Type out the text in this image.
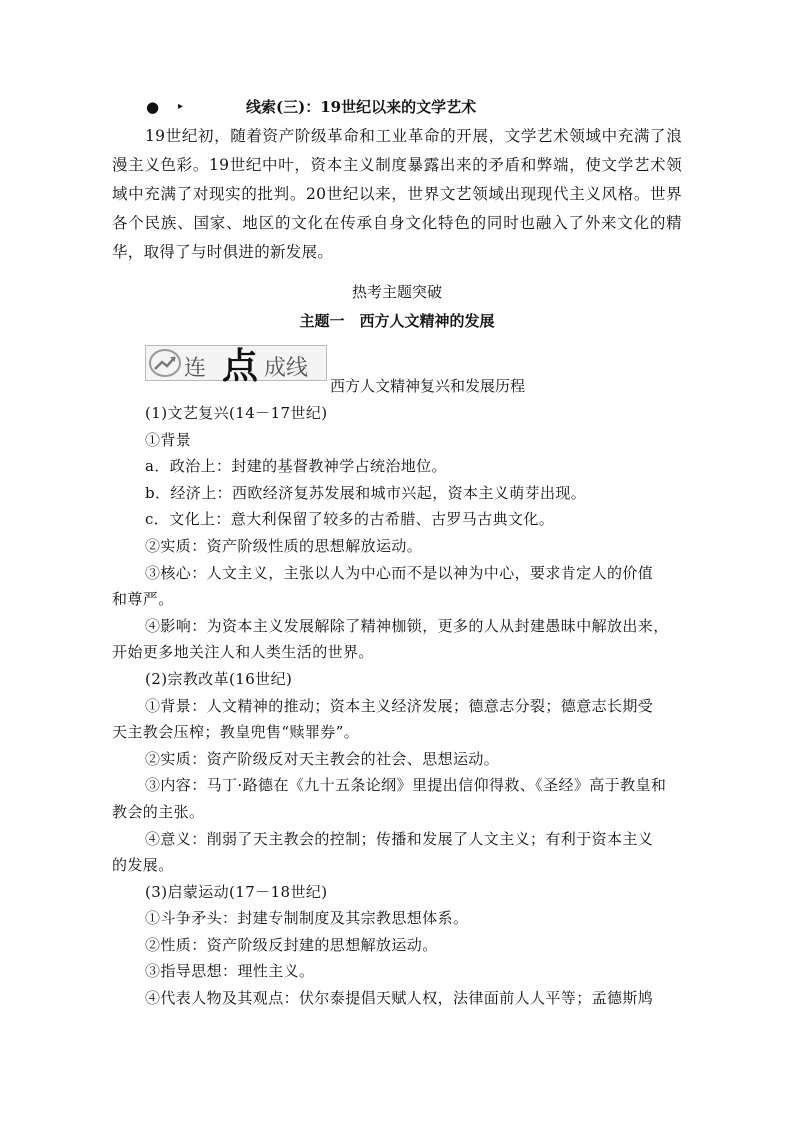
● ▸	线索(三)：19世纪以来的文学艺术
19世纪初，随着资产阶级革命和工业革命的开展，文学艺术领域中充满了浪漫主义色彩。19世纪中叶，资本主义制度暴露出来的矛盾和弊端，使文学艺术领域中充满了对现实的批判。20世纪以来，世界文艺领域出现现代主义风格。世界各个民族、国家、地区的文化在传承自身文化特色的同时也融入了外来文化的精华，取得了与时俱进的新发展。
热考主题突破
主题一　西方人文精神的发展
连 点 成线
西方人文精神复兴和发展历程
(1)文艺复兴(14－17世纪)
①背景
a．政治上：封建的基督教神学占统治地位。
b．经济上：西欧经济复苏发展和城市兴起，资本主义萌芽出现。
c．文化上：意大利保留了较多的古希腊、古罗马古典文化。
②实质：资产阶级性质的思想解放运动。
③核心：人文主义，主张以人为中心而不是以神为中心，要求肯定人的价值
和尊严。
④影响：为资本主义发展解除了精神枷锁，更多的人从封建愚昧中解放出来，
开始更多地关注人和人类生活的世界。
(2)宗教改革(16世纪)
①背景：人文精神的推动；资本主义经济发展；德意志分裂；德意志长期受
天主教会压榨；教皇兜售“赎罪券”。
②实质：资产阶级反对天主教会的社会、思想运动。
③内容：马丁·路德在《九十五条论纲》里提出信仰得救、《圣经》高于教皇和
教会的主张。
④意义：削弱了天主教会的控制；传播和发展了人文主义；有利于资本主义
的发展。
(3)启蒙运动(17－18世纪)
①斗争矛头：封建专制制度及其宗教思想体系。
②性质：资产阶级反封建的思想解放运动。
③指导思想：理性主义。
④代表人物及其观点：伏尔泰提倡天赋人权，法律面前人人平等；孟德斯鸠
